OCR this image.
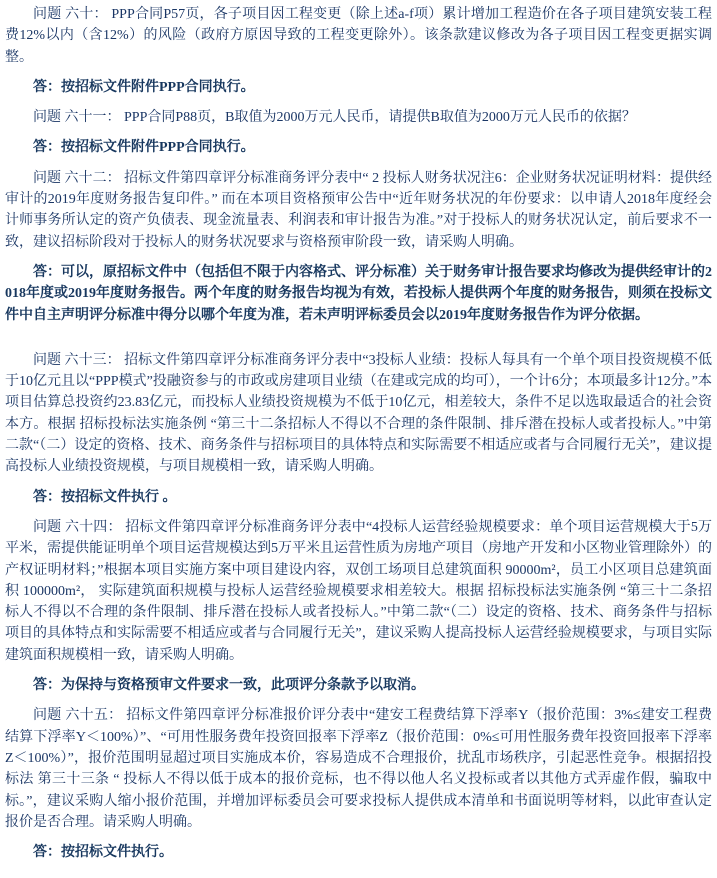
问题 六十： PPP合同P57页，各子项目因工程变更（除上述a-f项）累计增加工程造价在各子项目建筑安装工程费12%以内（含12%）的风险（政府方原因导致的工程变更除外）。该条款建议修改为各子项目因工程变更据实调整。

答：按招标文件附件PPP合同执行。

问题 六十一： PPP合同P88页，B取值为2000万元人民币，请提供B取值为2000万元人民币的依据？

答：按招标文件附件PPP合同执行。

问题 六十二： 招标文件第四章评分标准商务评分表中“ 2 投标人财务状况注6：企业财务状况证明材料：提供经审计的2019年度财务报告复印件。” 而在本项目资格预审公告中“近年财务状况的年份要求：以申请人2018年度经会计师事务所认定的资产负债表、现金流量表、利润表和审计报告为准。”对于投标人的财务状况认定，前后要求不一致，建议招标阶段对于投标人的财务状况要求与资格预审阶段一致，请采购人明确。

答：可以，原招标文件中（包括但不限于内容格式、评分标准）关于财务审计报告要求均修改为提供经审计的2018年度或2019年度财务报告。两个年度的财务报告均视为有效，若投标人提供两个年度的财务报告，则须在投标文件中自主声明评分标准中得分以哪个年度为准，若未声明评标委员会以2019年度财务报告作为评分依据。

问题 六十三： 招标文件第四章评分标准商务评分表中“3投标人业绩：投标人每具有一个单个项目投资规模不低于10亿元且以“PPP模式”投融资参与的市政或房建项目业绩（在建或完成的均可），一个计6分；本项最多计12分。”本项目估算总投资约23.83亿元，而投标人业绩投资规模为不低于10亿元，相差较大，条件不足以选取最适合的社会资本方。根据 招标投标法实施条例 “第三十二条招标人不得以不合理的条件限制、排斥潜在投标人或者投标人。”中第二款“（二）设定的资格、技术、商务条件与招标项目的具体特点和实际需要不相适应或者与合同履行无关”，建议提高投标人业绩投资规模，与项目规模相一致，请采购人明确。

答：按招标文件执行 。

问题 六十四： 招标文件第四章评分标准商务评分表中“4投标人运营经验规模要求：单个项目运营规模大于5万平米，需提供能证明单个项目运营规模达到5万平米且运营性质为房地产项目（房地产开发和小区物业管理除外）的产权证明材料；”根据本项目实施方案中项目建设内容，双创工场项目总建筑面积 90000m²，员工小区项目总建筑面积 100000m²， 实际建筑面积规模与投标人运营经验规模要求相差较大。根据 招标投标法实施条例 “第三十二条招标人不得以不合理的条件限制、排斥潜在投标人或者投标人。”中第二款“（二）设定的资格、技术、商务条件与招标项目的具体特点和实际需要不相适应或者与合同履行无关”，建议采购人提高投标人运营经验规模要求，与项目实际建筑面积规模相一致，请采购人明确。

答：为保持与资格预审文件要求一致，此项评分条款予以取消。

问题 六十五： 招标文件第四章评分标准报价评分表中“建安工程费结算下浮率Y（报价范围：3%≤建安工程费结算下浮率Y＜100%）”、“可用性服务费年投资回报率下浮率Z（报价范围：0%≤可用性服务费年投资回报率下浮率Z＜100%）”，报价范围明显超过项目实施成本价，容易造成不合理报价，扰乱市场秩序，引起恶性竞争。根据招投标法 第三十三条 “ 投标人不得以低于成本的报价竞标，也不得以他人名义投标或者以其他方式弄虚作假，骗取中标。”，建议采购人缩小报价范围，并增加评标委员会可要求投标人提供成本清单和书面说明等材料，以此审查认定报价是否合理。请采购人明确。

答：按招标文件执行。
